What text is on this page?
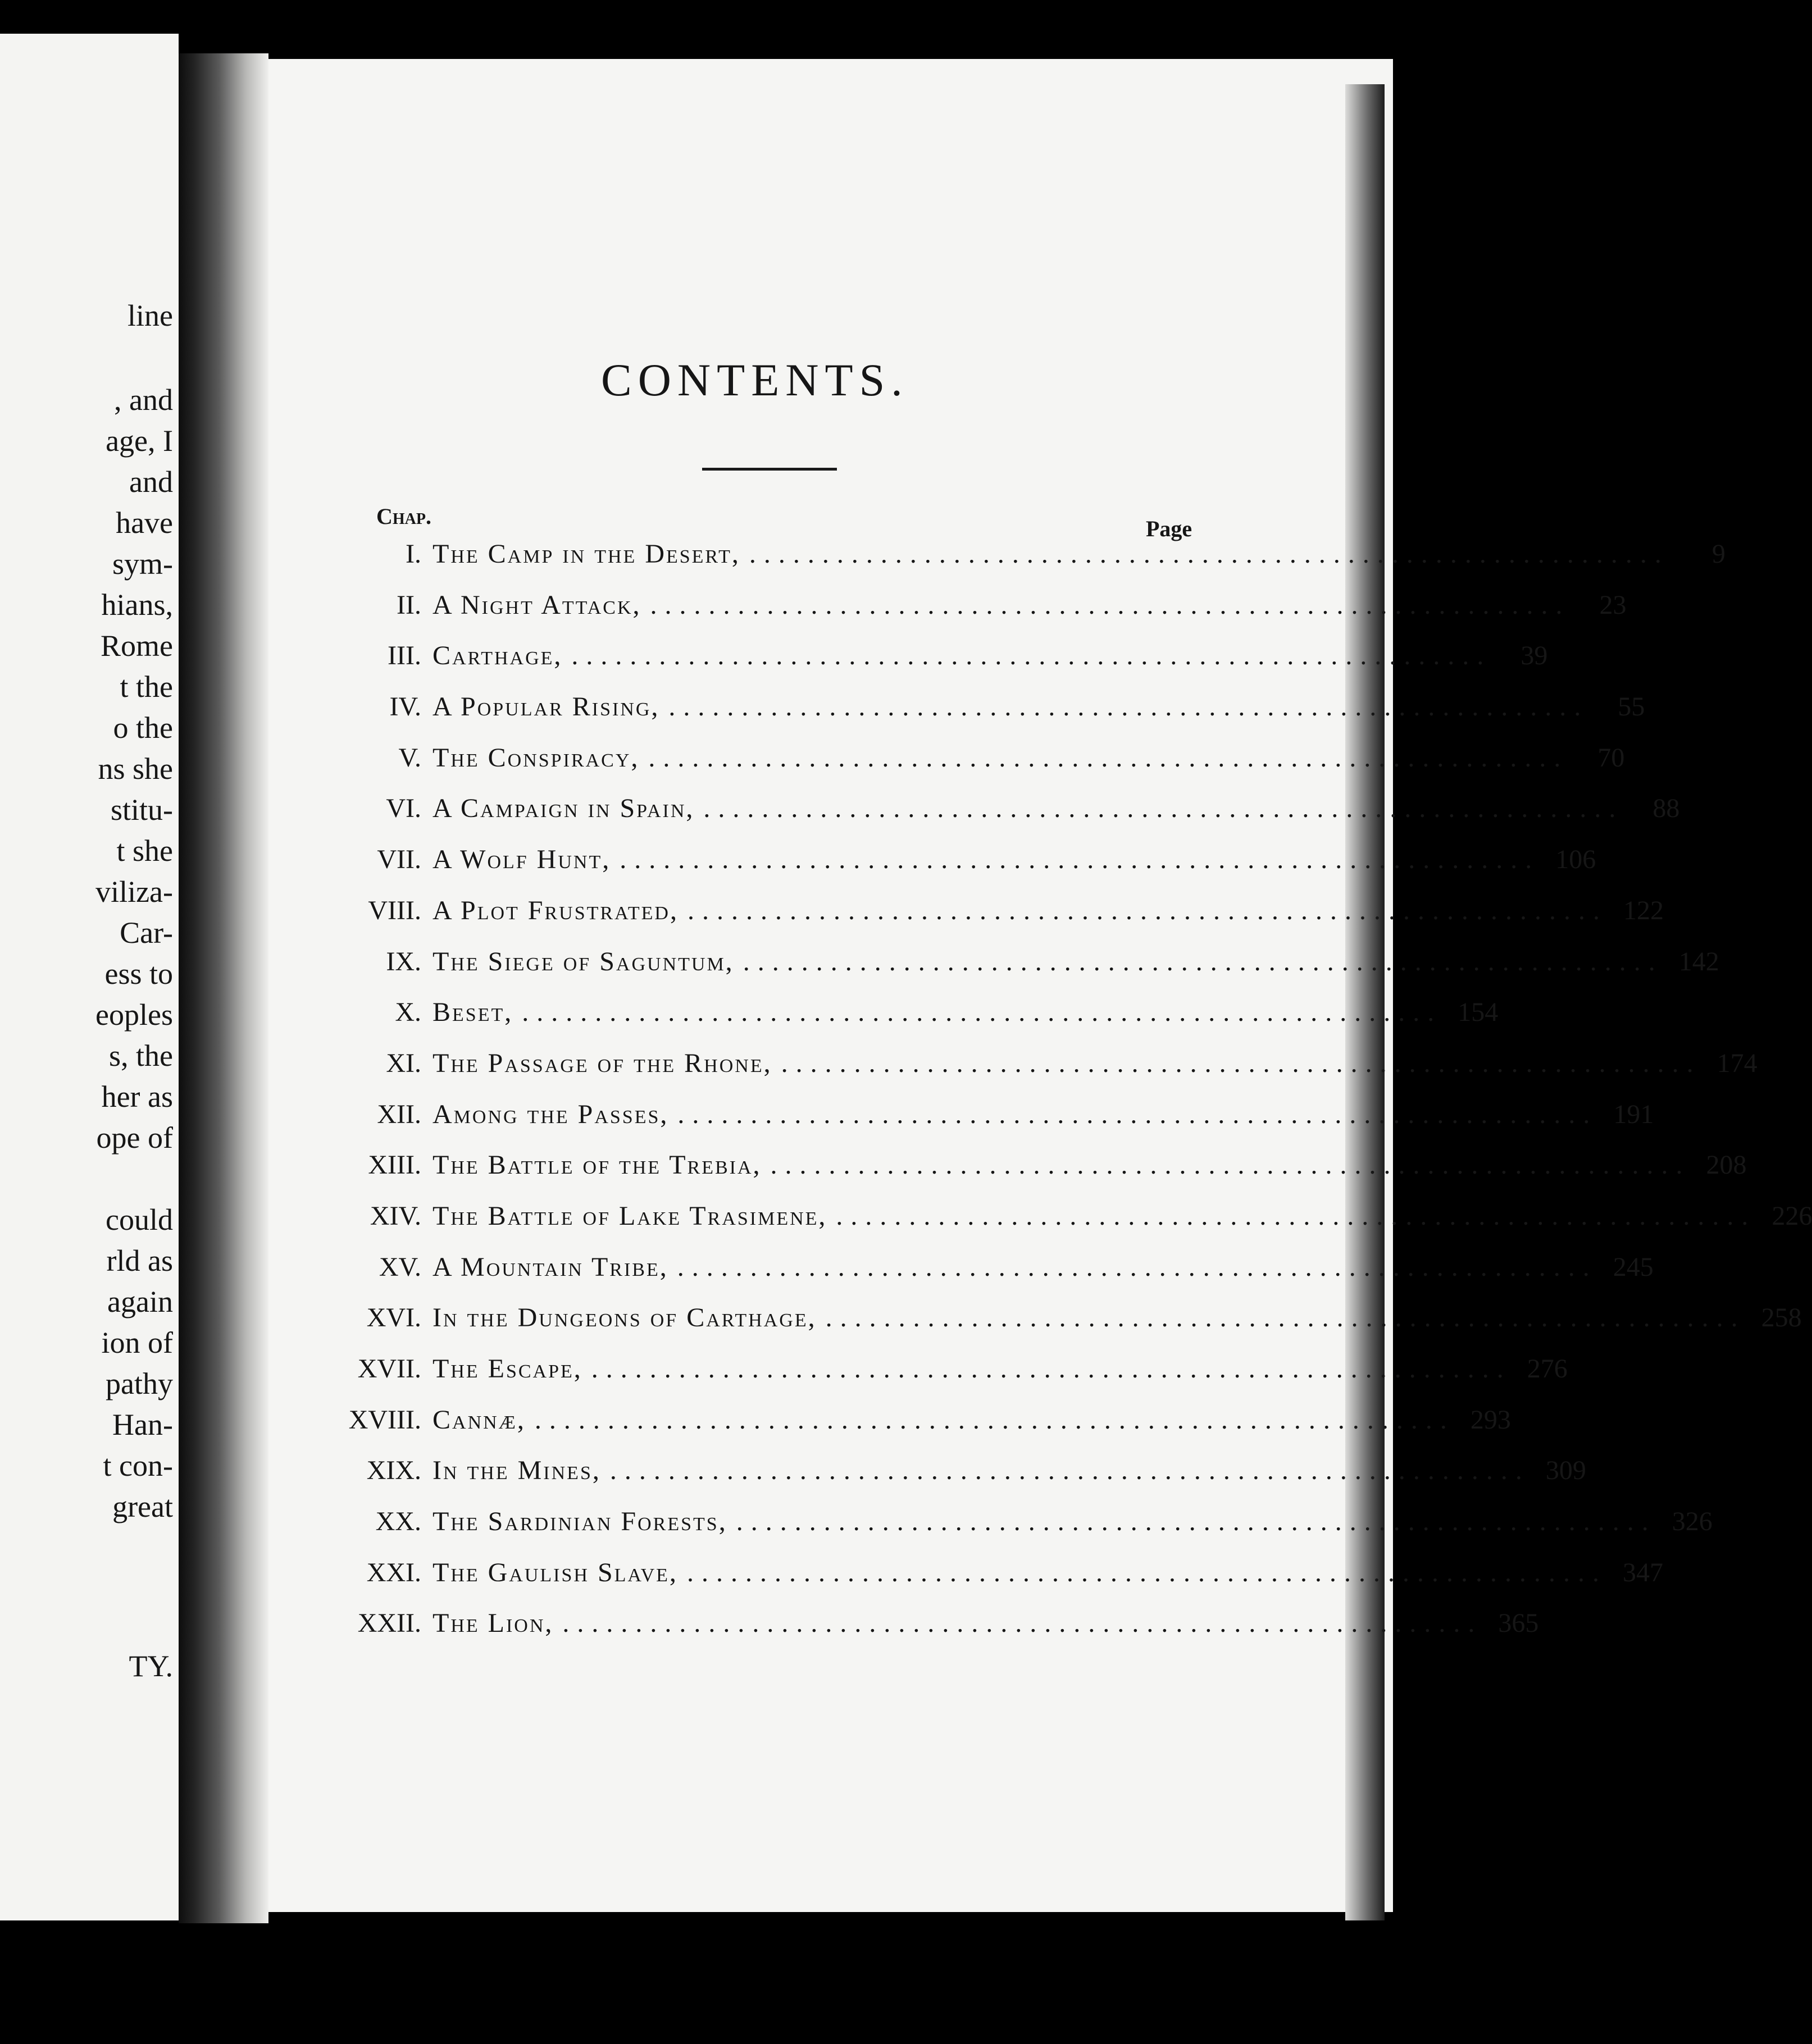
line
, and
age, I
and
have
sym-
hians,
Rome
t the
o the
ns she
stitu-
t she
viliza-
Car-
ess to
eoples
s, the
her as
ope of
could
rld as
again
ion of
pathy
Han-
t con-
great
TY.
CONTENTS.
Chap.	Page
I. The Camp in the Desert, ...............................................................	9
II. A Night Attack, ...............................................................	23
III. Carthage, ...............................................................	39
IV. A Popular Rising, ...............................................................	55
V. The Conspiracy, ...............................................................	70
VI. A Campaign in Spain, ...............................................................	88
VII. A Wolf Hunt, ............................................................... 106
VIII. A Plot Frustrated, ............................................................... 122
IX. The Siege of Saguntum, ............................................................... 142
X. Beset, ............................................................... 154
XI. The Passage of the Rhone, ............................................................... 174
XII. Among the Passes, ............................................................... 191
XIII. The Battle of the Trebia, ............................................................... 208
XIV. The Battle of Lake Trasimene, ............................................................... 226
XV. A Mountain Tribe, ............................................................... 245
XVI. In the Dungeons of Carthage, ............................................................... 258
XVII. The Escape, ............................................................... 276
XVIII. Cannæ, ............................................................... 293
XIX. In the Mines, ............................................................... 309
XX. The Sardinian Forests, ............................................................... 326
XXI. The Gaulish Slave, ............................................................... 347
XXII. The Lion, ............................................................... 365
